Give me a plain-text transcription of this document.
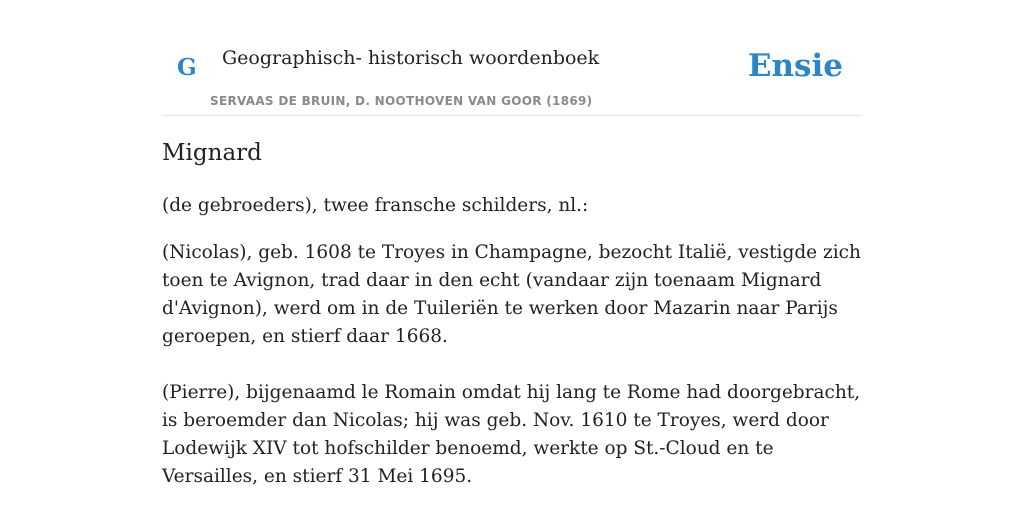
G Geographisch- historisch woordenboek
SERVAAS DE BRUIN, D. NOOTHOVEN VAN GOOR (1869)
Ensie
Mignard

(de gebroeders), twee fransche schilders, nl.:

(Nicolas), geb. 1608 te Troyes in Champagne, bezocht Italië, vestigde zich toen te Avignon, trad daar in den echt (vandaar zijn toenaam Mignard d'Avignon), werd om in de Tuileriën te werken door Mazarin naar Parijs geroepen, en stierf daar 1668.

(Pierre), bijgenaamd le Romain omdat hij lang te Rome had doorgebracht, is beroemder dan Nicolas; hij was geb. Nov. 1610 te Troyes, werd door Lodewijk XIV tot hofschilder benoemd, werkte op St.-Cloud en te Versailles, en stierf 31 Mei 1695.
